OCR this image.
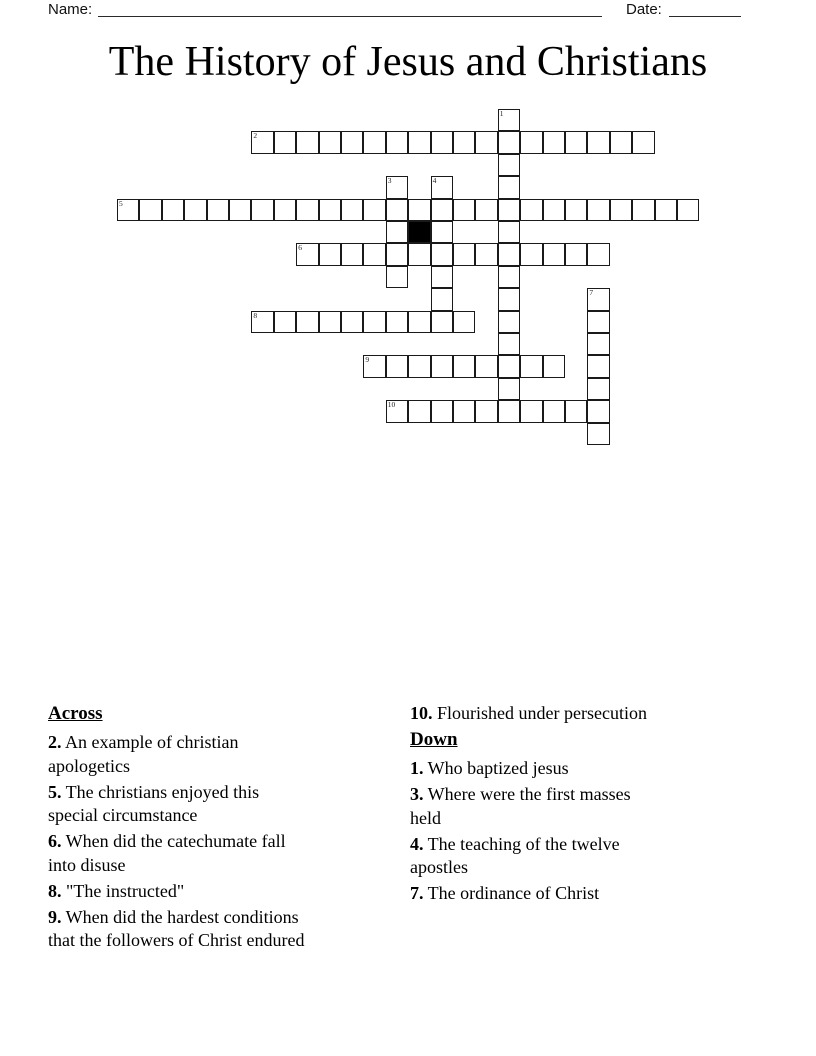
Name:	Date:
The History of Jesus and Christians
1
2
3	4
5
6
7
8
9
10
Across
2. An example of christian
apologetics
5. The christians enjoyed this
special circumstance
6. When did the catechumate fall
into disuse
8. "The instructed"
9. When did the hardest conditions
that the followers of Christ endured
10. Flourished under persecution
Down
1. Who baptized jesus
3. Where were the first masses
held
4. The teaching of the twelve
apostles
7. The ordinance of Christ
